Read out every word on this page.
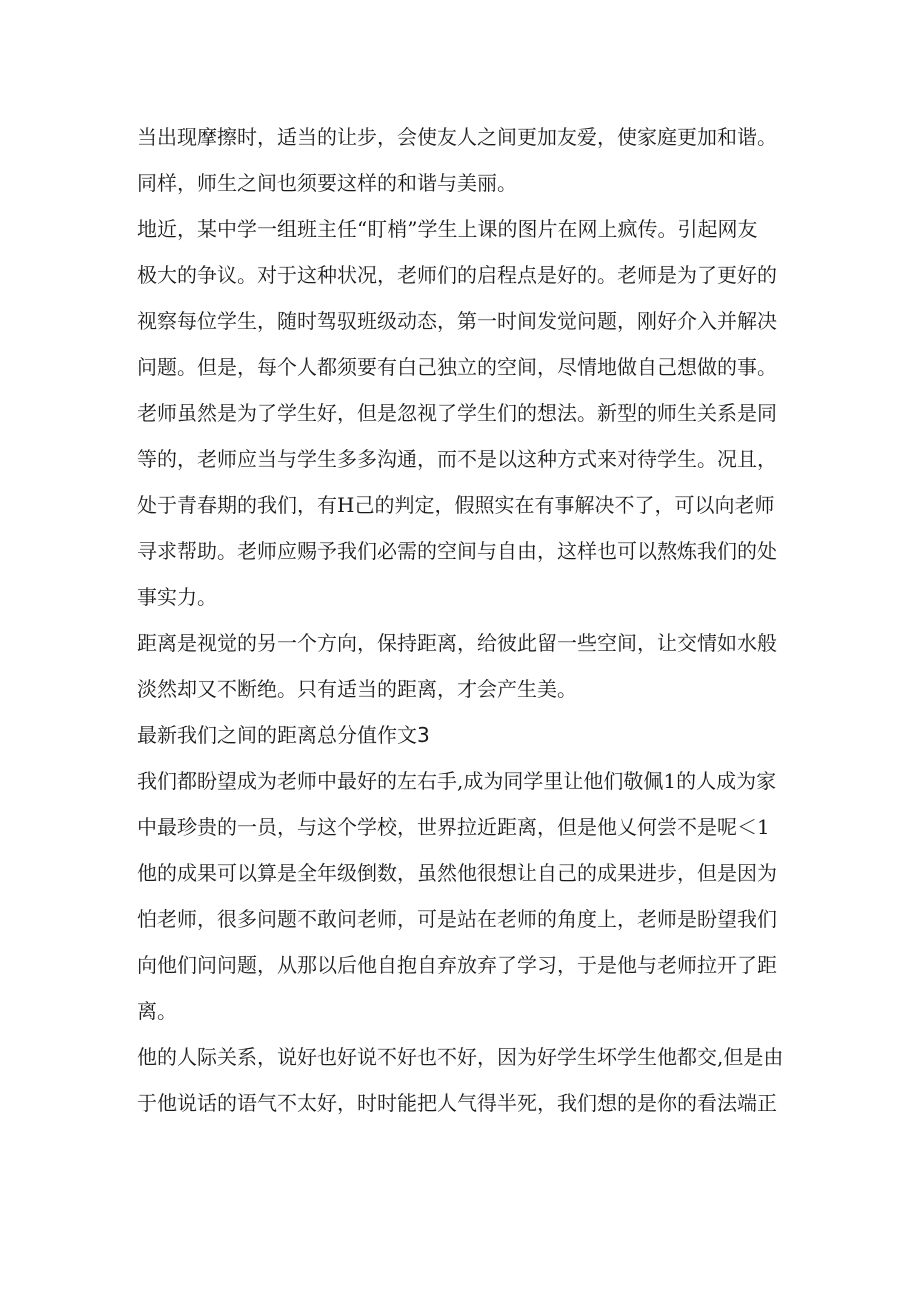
当出现摩擦时，适当的让步，会使友人之间更加友爱，使家庭更加和谐。
同样，师生之间也须要这样的和谐与美丽。
地近，某中学一组班主任“盯梢”学生上课的图片在网上疯传。引起网友
极大的争议。对于这种状况，老师们的启程点是好的。老师是为了更好的
视察每位学生，随时驾驭班级动态，第一时间发觉问题，刚好介入并解决
问题。但是，每个人都须要有白己独立的空间，尽情地做自己想做的事。
老师虽然是为了学生好，但是忽视了学生们的想法。新型的师生关系是同
等的，老师应当与学生多多沟通，而不是以这种方式来对待学生。况且，
处于青春期的我们，有H己的判定，假照实在有事解决不了，可以向老师
寻求帮助。老师应赐予我们必需的空间与自由，这样也可以熬炼我们的处
事实力。
距离是视觉的另一个方向，保持距离，给彼此留一些空间，让交情如水般
淡然却又不断绝。只有适当的距离，才会产生美。
最新我们之间的距离总分值作文3
我们都盼望成为老师中最好的左右手,成为同学里让他们敬佩1的人成为家
中最珍贵的一员，与这个学校，世界拉近距离，但是他乂何尝不是呢＜1
他的成果可以算是全年级倒数，虽然他很想让自己的成果进步，但是因为
怕老师，很多问题不敢问老师，可是站在老师的角度上，老师是盼望我们
向他们问问题，从那以后他自抱自弃放弃了学习，于是他与老师拉开了距
离。
他的人际关系，说好也好说不好也不好，因为好学生坏学生他都交,但是由
于他说话的语气不太好，时时能把人气得半死，我们想的是你的看法端正
